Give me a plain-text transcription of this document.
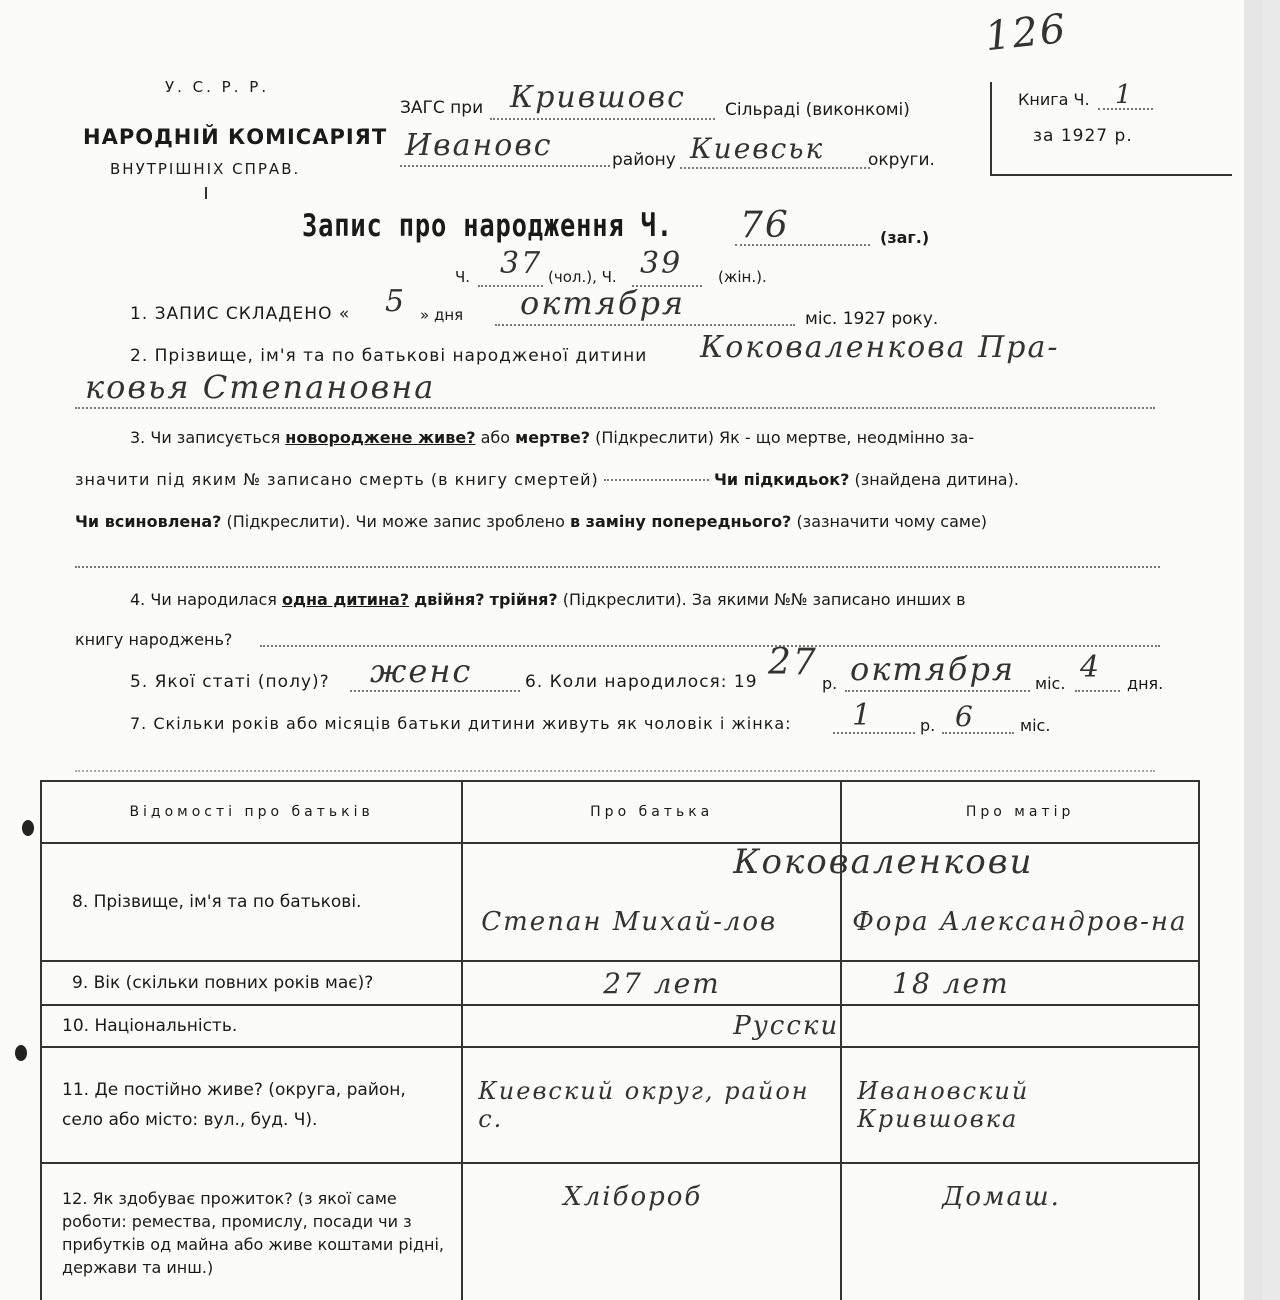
126
У. С. Р. Р.
НАРОДНІЙ КОМІСАРІЯТ
ВНУТРІШНІХ СПРАВ.
ЗАГС при Крившовс Сільраді (виконкомі)
Ивановс	району Киевськ	округи.
Книга Ч. 1
за 1927 р.
Запис про народження Ч. 76	(заг.)
Ч. 37 (чол.), Ч. 39 (жін.).
1. ЗАПИС СКЛАДЕНО « 5 » дня октября	міс. 1927 року.
2. Прізвище, ім'я та по батькові народженої дитини Коковаленкова Пра-
ковья Степановна
3. Чи записується новороджене живе? або мертве? (Підкреслити) Як - що мертве, неодмінно за-
значити під яким № записано смерть (в книгу смертей)	Чи підкидьок? (знайдена дитина).
Чи всиновлена? (Підкреслити). Чи може запис зроблено в заміну попереднього? (зазначити чому саме)
4. Чи народилася одна дитина? двійня? трійня? (Підкреслити). За якими №№ записано инших в
книгу народжень?
5. Якої статі (полу)? женс	6. Коли народилося: 19 27
р. октября міс. 4 дня.
7. Скільки років або місяців батьки дитини живуть як чоловік і жінка: 1	р. 6	міс.
Відомості про батьків	Про батька	Про матір
8. Прізвище, ім'я та по батькові.	Коковаленкови
Степан Михай-лов	Фора Александров-на

9. Вік (скільки повних років має)?	27 лет	18 лет
10. Національність.	Русски	
11. Де постійно живе? (округа, район, село або місто: вул., буд. Ч).	Киевский округ, район с.	Ивановский Крившовка
12. Як здобуває прожиток? (з якої саме роботи: ремества, промислу, посади чи з прибутків од майна або живе коштами рідні, держави та инш.)	Хлібороб	Домаш.
